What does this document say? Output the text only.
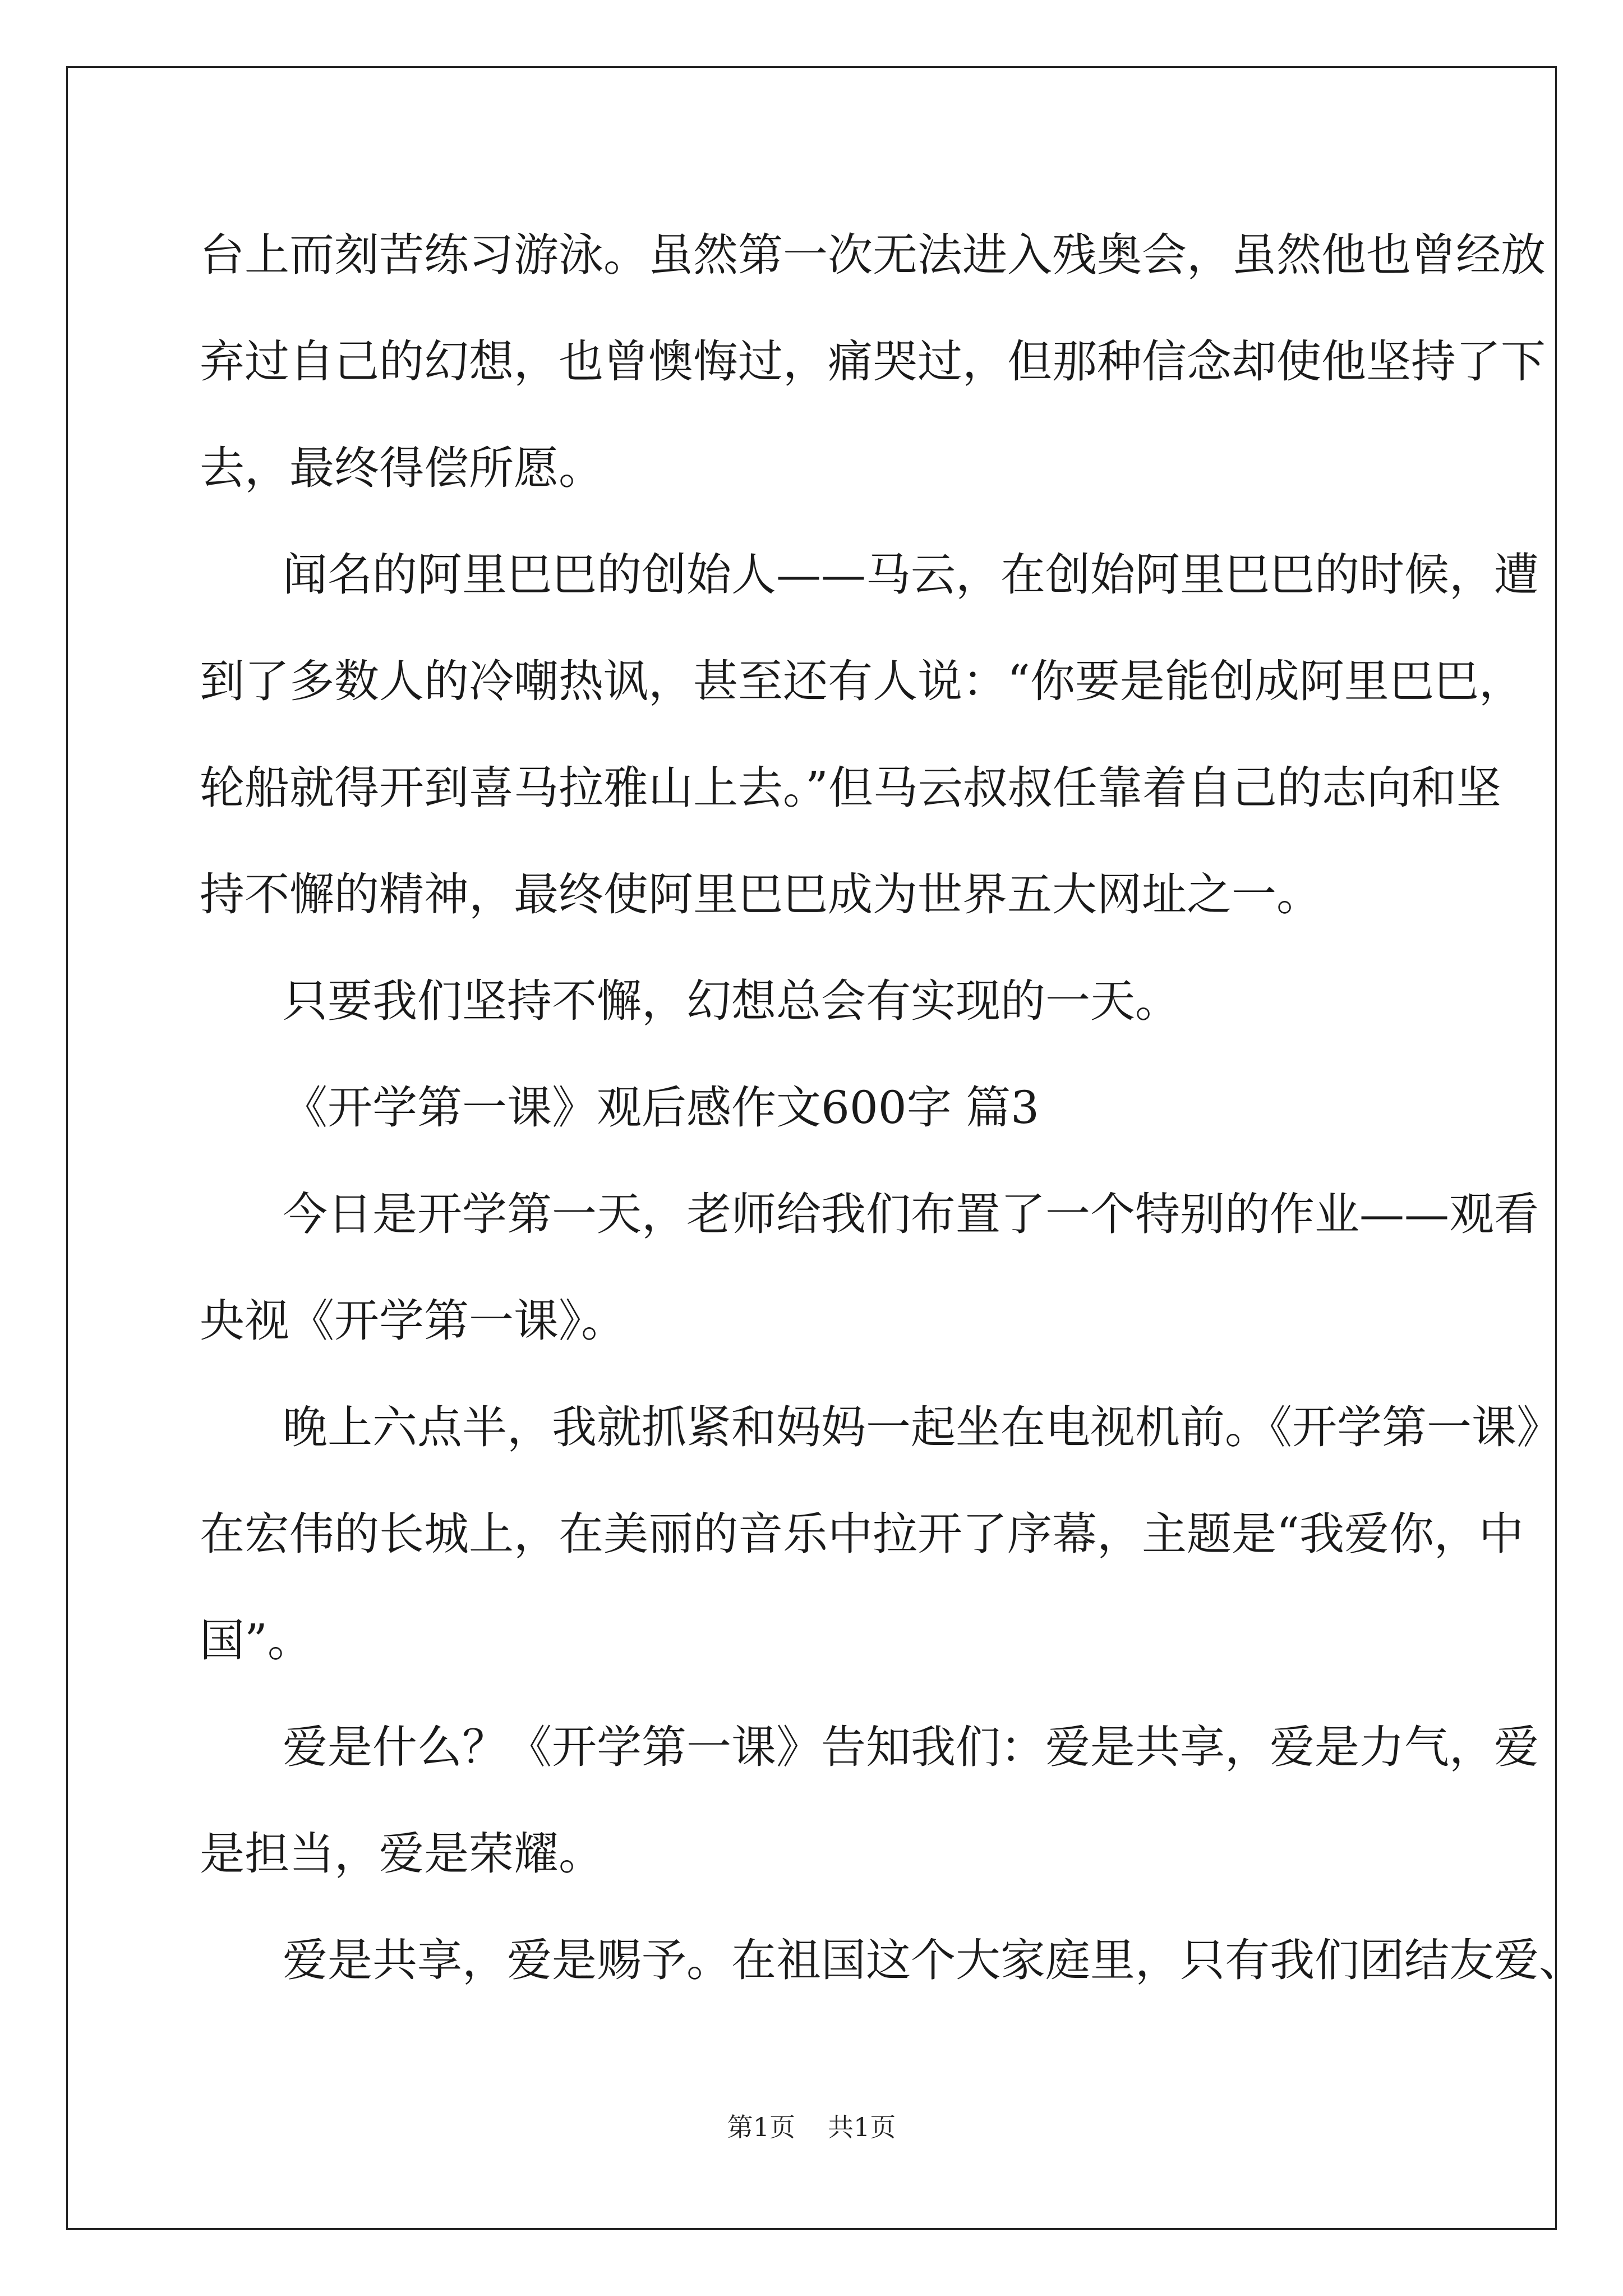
台上而刻苦练习游泳。虽然第一次无法进入残奥会，虽然他也曾经放
弃过自己的幻想，也曾懊悔过，痛哭过，但那种信念却使他坚持了下
去，最终得偿所愿。
闻名的阿里巴巴的创始人——马云，在创始阿里巴巴的时候，遭
到了多数人的冷嘲热讽，甚至还有人说：“你要是能创成阿里巴巴，
轮船就得开到喜马拉雅山上去。”但马云叔叔任靠着自己的志向和坚
持不懈的精神，最终使阿里巴巴成为世界五大网址之一。
只要我们坚持不懈，幻想总会有实现的一天。
《开学第一课》观后感作文600字 篇3
今日是开学第一天，老师给我们布置了一个特别的作业——观看
央视《开学第一课》。
晚上六点半，我就抓紧和妈妈一起坐在电视机前。《开学第一课》
在宏伟的长城上，在美丽的音乐中拉开了序幕，主题是“我爱你，中
国”。
爱是什么？《开学第一课》告知我们：爱是共享，爱是力气，爱
是担当，爱是荣耀。
爱是共享，爱是赐予。在祖国这个大家庭里，只有我们团结友爱、
第1页 共1页
